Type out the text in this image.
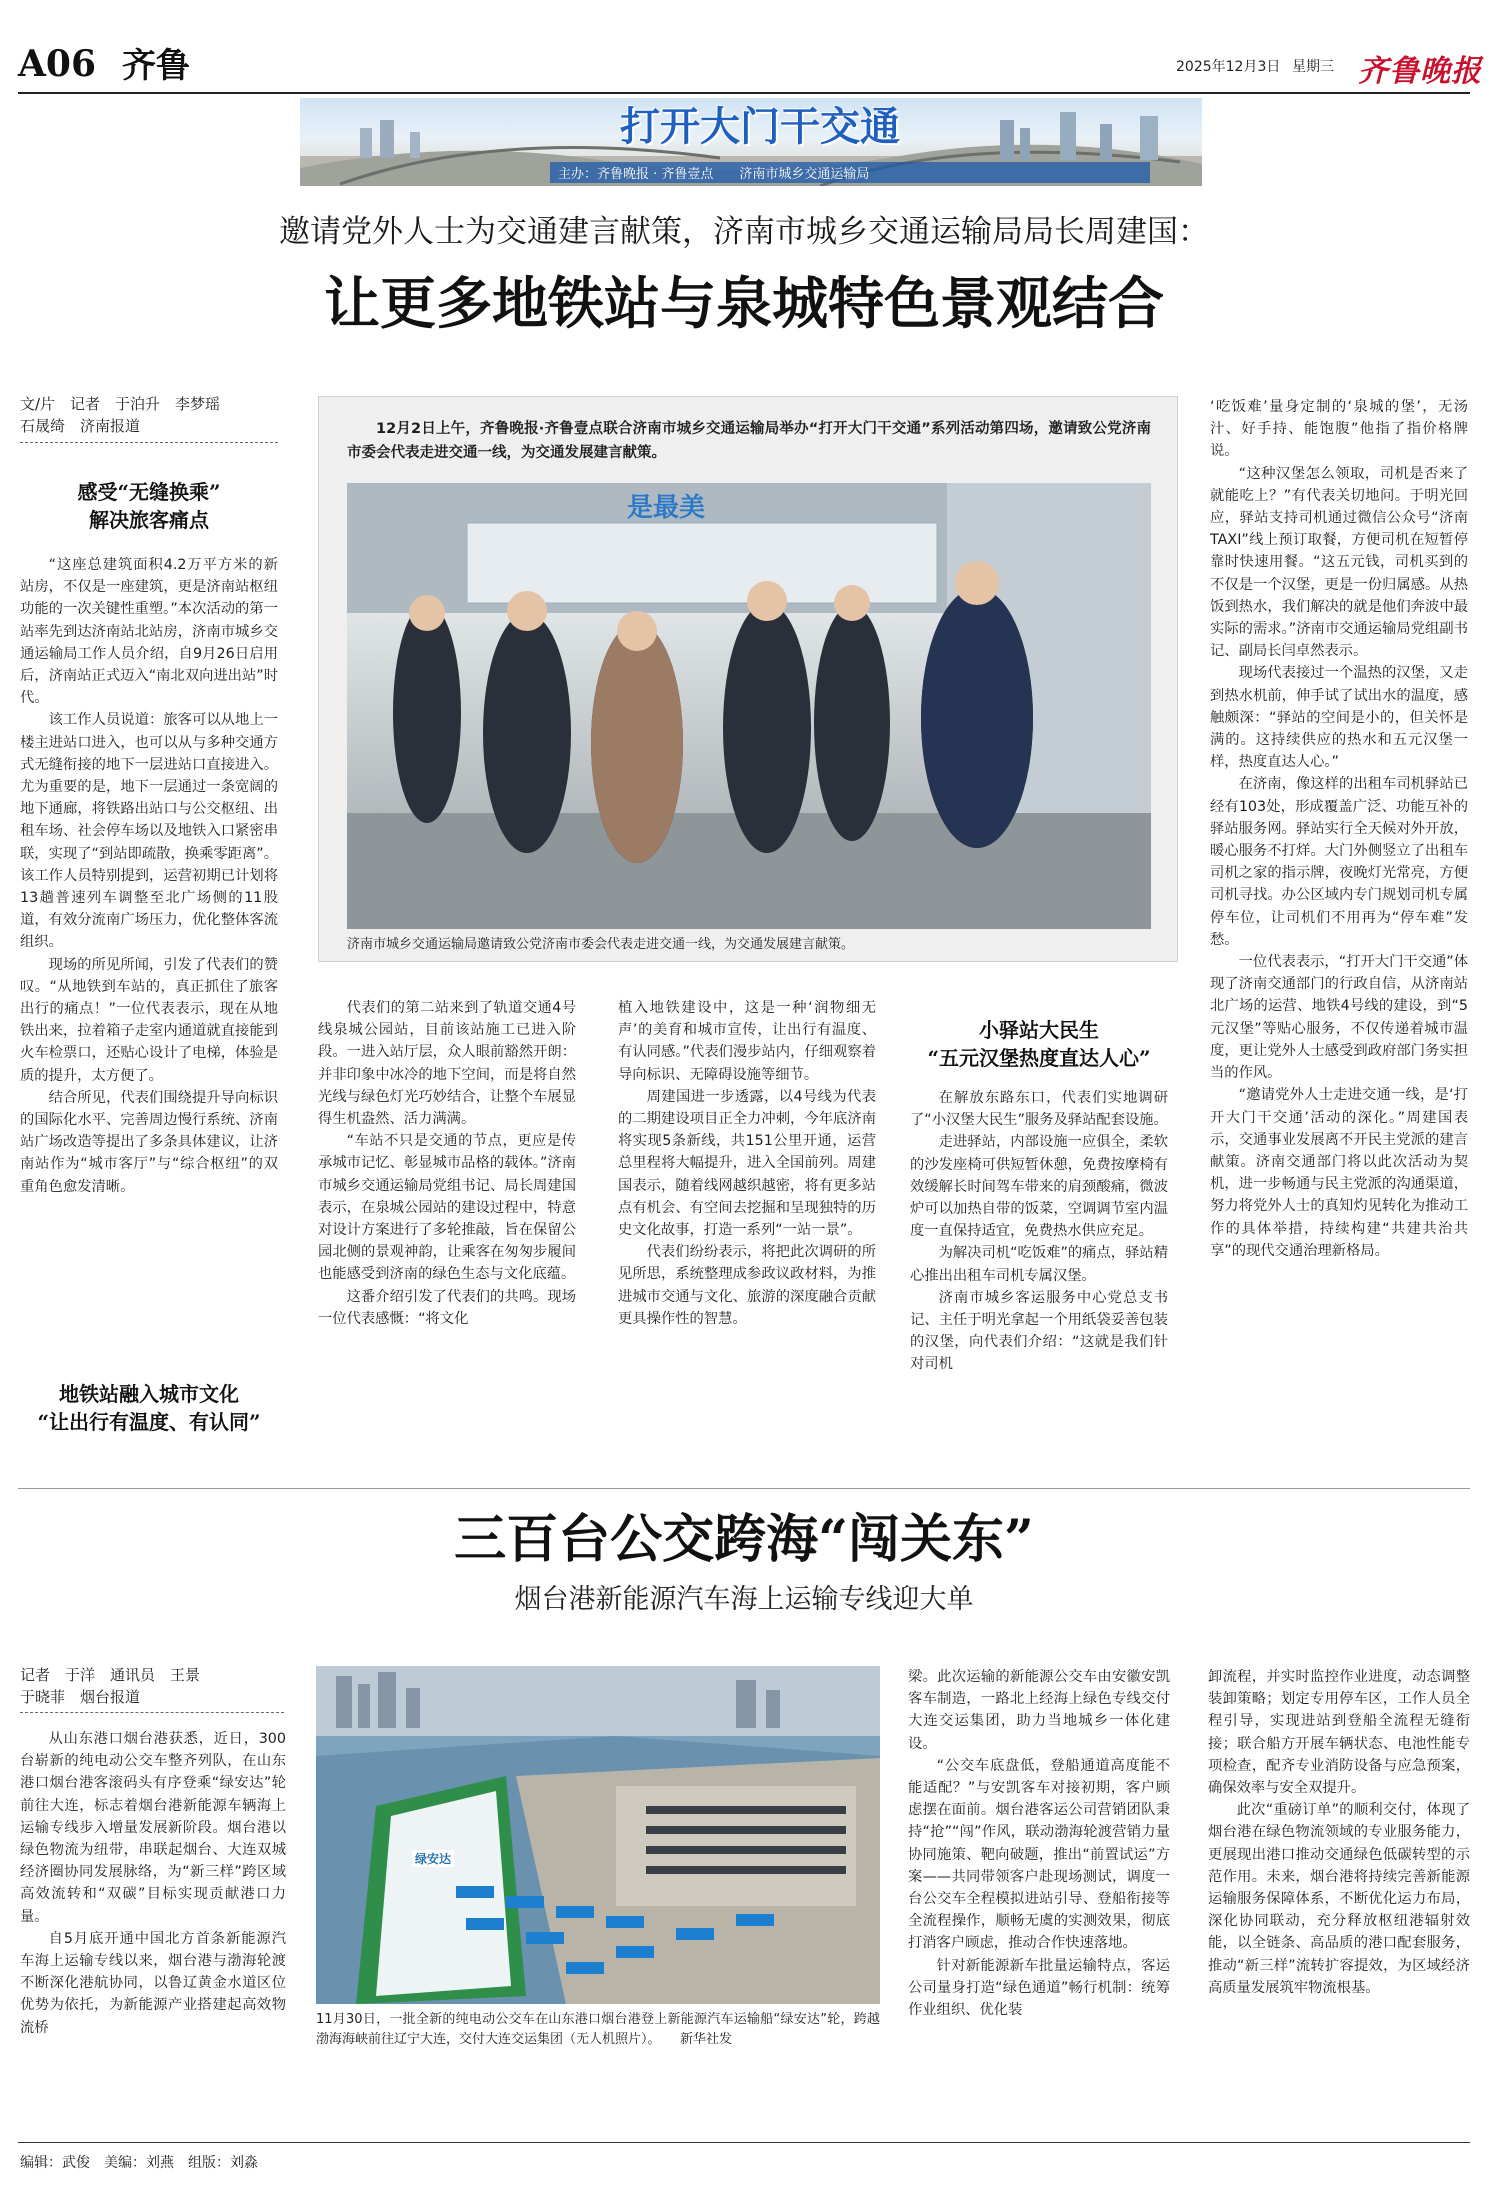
A06 齐鲁	2025年12月3日 星期三 齐鲁晚报
打开大门干交通
主办：齐鲁晚报 · 齐鲁壹点　　济南市城乡交通运输局
邀请党外人士为交通建言献策，济南市城乡交通运输局局长周建国：
让更多地铁站与泉城特色景观结合
文/片　记者　于泊升　李梦瑶
石晟绮　济南报道
感受“无缝换乘”
解决旅客痛点

“这座总建筑面积4.2万平方米的新站房，不仅是一座建筑，更是济南站枢纽功能的一次关键性重塑。”本次活动的第一站率先到达济南站北站房，济南市城乡交通运输局工作人员介绍，自9月26日启用后，济南站正式迈入“南北双向进出站”时代。

该工作人员说道：旅客可以从地上一楼主进站口进入，也可以从与多种交通方式无缝衔接的地下一层进站口直接进入。尤为重要的是，地下一层通过一条宽阔的地下通廊，将铁路出站口与公交枢纽、出租车场、社会停车场以及地铁入口紧密串联，实现了“到站即疏散，换乘零距离”。该工作人员特别提到，运营初期已计划将13趟普速列车调整至北广场侧的11股道，有效分流南广场压力，优化整体客流组织。

现场的所见所闻，引发了代表们的赞叹。“从地铁到车站的，真正抓住了旅客出行的痛点！”一位代表表示，现在从地铁出来，拉着箱子走室内通道就直接能到火车检票口，还贴心设计了电梯，体验是质的提升，太方便了。

结合所见，代表们围绕提升导向标识的国际化水平、完善周边慢行系统、济南站广场改造等提出了多条具体建议，让济南站作为“城市客厅”与“综合枢纽”的双重角色愈发清晰。

地铁站融入城市文化
“让出行有温度、有认同”
12月2日上午，齐鲁晚报·齐鲁壹点联合济南市城乡交通运输局举办“打开大门干交通”系列活动第四场，邀请致公党济南市委会代表走进交通一线，为交通发展建言献策。
是最美
济南市城乡交通运输局邀请致公党济南市委会代表走进交通一线，为交通发展建言献策。

代表们的第二站来到了轨道交通4号线泉城公园站，目前该站施工已进入阶段。一进入站厅层，众人眼前豁然开朗：并非印象中冰冷的地下空间，而是将自然光线与绿色灯光巧妙结合，让整个车展显得生机盎然、活力满满。

“车站不只是交通的节点，更应是传承城市记忆、彰显城市品格的载体。”济南市城乡交通运输局党组书记、局长周建国表示，在泉城公园站的建设过程中，特意对设计方案进行了多轮推敲，旨在保留公园北侧的景观神韵，让乘客在匆匆步履间也能感受到济南的绿色生态与文化底蕴。

这番介绍引发了代表们的共鸣。现场一位代表感慨：“将文化

植入地铁建设中，这是一种‘润物细无声’的美育和城市宣传，让出行有温度、有认同感。”代表们漫步站内，仔细观察着导向标识、无障碍设施等细节。

周建国进一步透露，以4号线为代表的二期建设项目正全力冲刺，今年底济南将实现5条新线，共151公里开通，运营总里程将大幅提升，进入全国前列。周建国表示，随着线网越织越密，将有更多站点有机会、有空间去挖掘和呈现独特的历史文化故事，打造一系列“一站一景”。

代表们纷纷表示，将把此次调研的所见所思，系统整理成参政议政材料，为推进城市交通与文化、旅游的深度融合贡献更具操作性的智慧。

小驿站大民生
“五元汉堡热度直达人心”

在解放东路东口，代表们实地调研了“小汉堡大民生”服务及驿站配套设施。

走进驿站，内部设施一应俱全，柔软的沙发座椅可供短暂休憩，免费按摩椅有效缓解长时间驾车带来的肩颈酸痛，微波炉可以加热自带的饭菜，空调调节室内温度一直保持适宜，免费热水供应充足。

为解决司机“吃饭难”的痛点，驿站精心推出出租车司机专属汉堡。

济南市城乡客运服务中心党总支书记、主任于明光拿起一个用纸袋妥善包装的汉堡，向代表们介绍：“这就是我们针对司机

‘吃饭难’量身定制的‘泉城的堡’，无汤汁、好手持、能饱腹”他指了指价格牌说。

“这种汉堡怎么领取，司机是否来了就能吃上？”有代表关切地问。于明光回应，驿站支持司机通过微信公众号“济南TAXI”线上预订取餐，方便司机在短暂停靠时快速用餐。“这五元钱，司机买到的不仅是一个汉堡，更是一份归属感。从热饭到热水，我们解决的就是他们奔波中最实际的需求。”济南市交通运输局党组副书记、副局长闫卓然表示。

现场代表接过一个温热的汉堡，又走到热水机前，伸手试了试出水的温度，感触颇深：“驿站的空间是小的，但关怀是满的。这持续供应的热水和五元汉堡一样，热度直达人心。”

在济南，像这样的出租车司机驿站已经有103处，形成覆盖广泛、功能互补的驿站服务网。驿站实行全天候对外开放，暖心服务不打烊。大门外侧竖立了出租车司机之家的指示牌，夜晚灯光常亮，方便司机寻找。办公区域内专门规划司机专属停车位，让司机们不用再为“停车难”发愁。

一位代表表示，“打开大门干交通”体现了济南交通部门的行政自信，从济南站北广场的运营、地铁4号线的建设，到“5元汉堡”等贴心服务，不仅传递着城市温度，更让党外人士感受到政府部门务实担当的作风。

“邀请党外人士走进交通一线，是‘打开大门干交通’活动的深化。”周建国表示，交通事业发展离不开民主党派的建言献策。济南交通部门将以此次活动为契机，进一步畅通与民主党派的沟通渠道，努力将党外人士的真知灼见转化为推动工作的具体举措，持续构建“共建共治共享”的现代交通治理新格局。

三百台公交跨海“闯关东”
烟台港新能源汽车海上运输专线迎大单
记者　于洋　通讯员　王景
于晓菲　烟台报道

从山东港口烟台港获悉，近日，300台崭新的纯电动公交车整齐列队，在山东港口烟台港客滚码头有序登乘“绿安达”轮前往大连，标志着烟台港新能源车辆海上运输专线步入增量发展新阶段。烟台港以绿色物流为纽带，串联起烟台、大连双城经济圈协同发展脉络，为“新三样”跨区域高效流转和“双碳”目标实现贡献港口力量。

自5月底开通中国北方首条新能源汽车海上运输专线以来，烟台港与渤海轮渡不断深化港航协同，以鲁辽黄金水道区位优势为依托，为新能源产业搭建起高效物流桥

绿安达
11月30日，一批全新的纯电动公交车在山东港口烟台港登上新能源汽车运输船“绿安达”轮，跨越渤海海峡前往辽宁大连，交付大连交运集团（无人机照片）。　　新华社发

梁。此次运输的新能源公交车由安徽安凯客车制造，一路北上经海上绿色专线交付大连交运集团，助力当地城乡一体化建设。

“公交车底盘低，登船通道高度能不能适配？”与安凯客车对接初期，客户顾虑摆在面前。烟台港客运公司营销团队秉持“抢”“闯”作风，联动渤海轮渡营销力量协同施策、靶向破题，推出“前置试运”方案——共同带领客户赴现场测试，调度一台公交车全程模拟进站引导、登船衔接等全流程操作，顺畅无虞的实测效果，彻底打消客户顾虑，推动合作快速落地。

针对新能源新车批量运输特点，客运公司量身打造“绿色通道”畅行机制：统筹作业组织、优化装

卸流程，并实时监控作业进度，动态调整装卸策略；划定专用停车区，工作人员全程引导，实现进站到登船全流程无缝衔接；联合船方开展车辆状态、电池性能专项检查，配齐专业消防设备与应急预案，确保效率与安全双提升。

此次“重磅订单”的顺利交付，体现了烟台港在绿色物流领域的专业服务能力，更展现出港口推动交通绿色低碳转型的示范作用。未来，烟台港将持续完善新能源运输服务保障体系，不断优化运力布局，深化协同联动，充分释放枢纽港辐射效能，以全链条、高品质的港口配套服务，推动“新三样”流转扩容提效，为区域经济高质量发展筑牢物流根基。

编辑：武俊　美编：刘燕　组版：刘淼
